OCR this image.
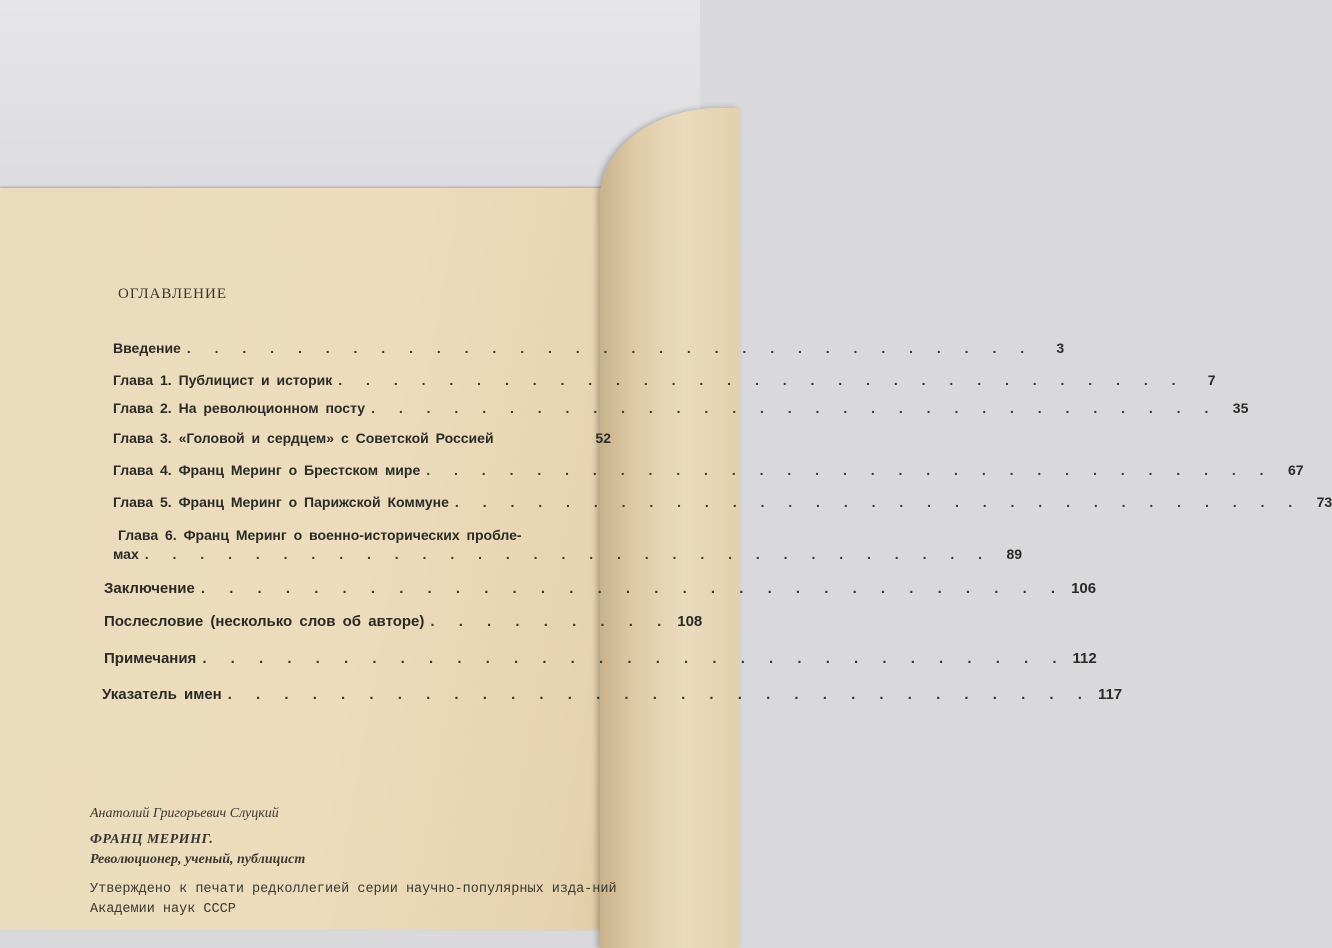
ОГЛАВЛЕНИЕ
Введение . . . . . . . . . . . . . . . . . . . . . . . . . . . . . . .	3
Глава 1. Публицист и историк . . . . . . . . . . . . . . . . . . . . . . . . . . . . . . .	7
Глава 2. На революционном посту . . . . . . . . . . . . . . . . . . . . . . . . . . . . . . .	35
Глава 3. «Головой и сердцем» с Советской Россией	52
Глава 4. Франц Меринг о Брестском мире . . . . . . . . . . . . . . . . . . . . . . . . . . . . . . .	67
Глава 5. Франц Меринг о Парижской Коммуне . . . . . . . . . . . . . . . . . . . . . . . . . . . . . . .	73
Глава 6. Франц Меринг о военно-исторических пробле-
мах . . . . . . . . . . . . . . . . . . . . . . . . . . . . . . .	89
Заключение . . . . . . . . . . . . . . . . . . . . . . . . . . . . . . . 106
Послесловие (несколько слов об авторе) . . . . . . . . . 108
Примечания . . . . . . . . . . . . . . . . . . . . . . . . . . . . . . . 112
Указатель имен . . . . . . . . . . . . . . . . . . . . . . . . . . . . . . . 117
Анатолий Григорьевич Слуцкий
ФРАНЦ МЕРИНГ.
Революционер, ученый, публицист
Утверждено к печати редколлегией серии научно-популярных изда-ний Академии наук СССР
